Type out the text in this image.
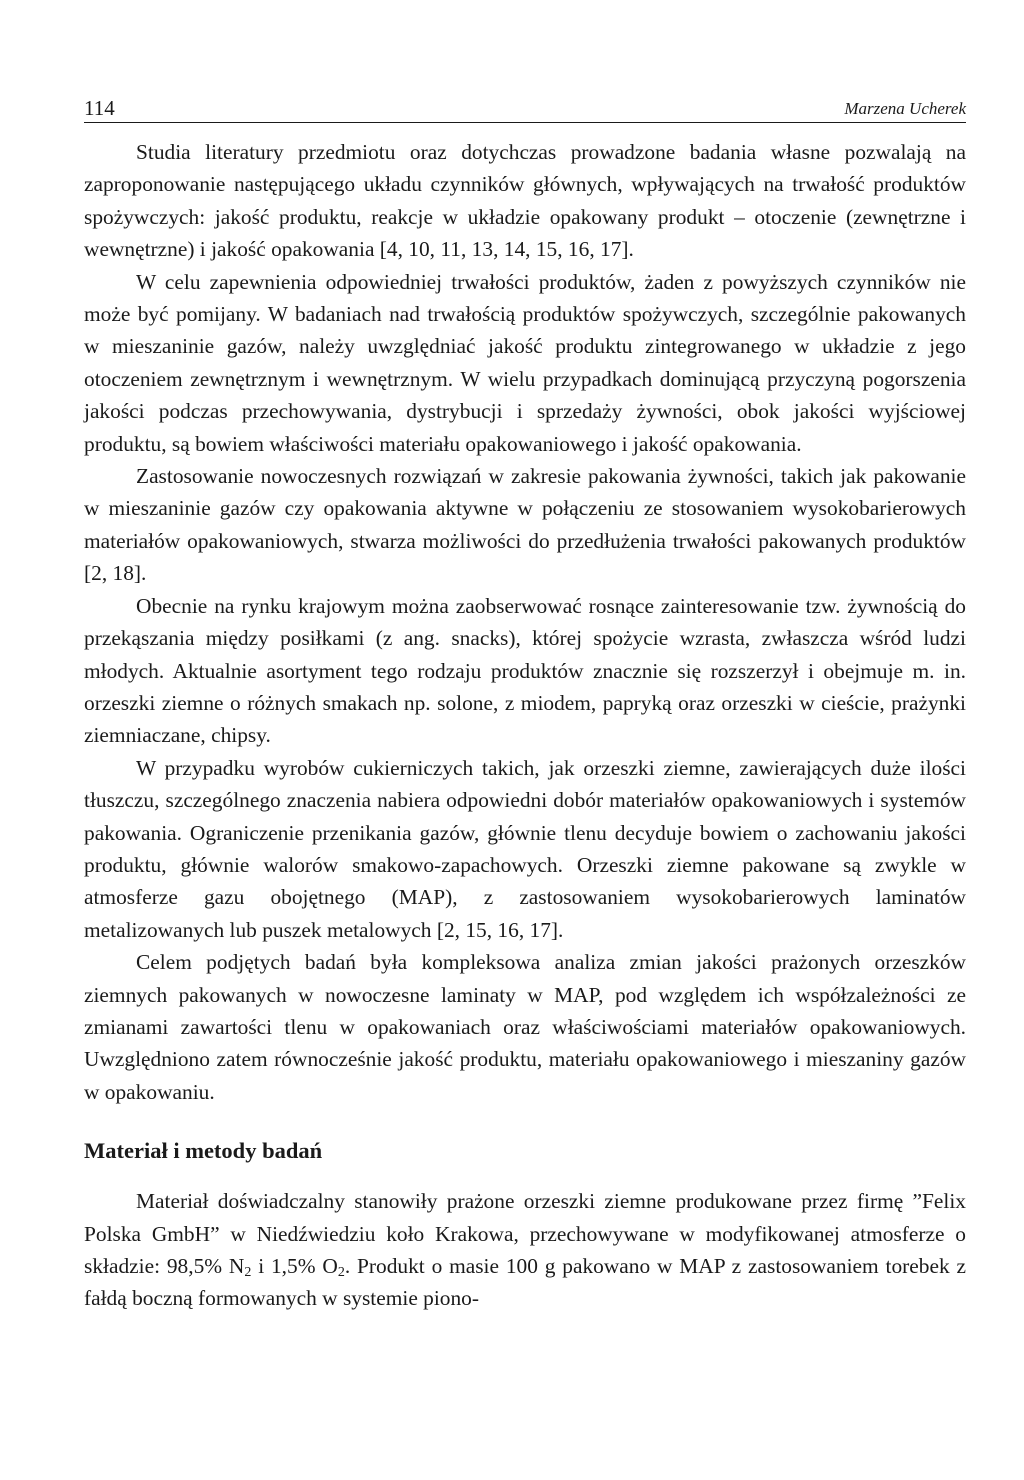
114	Marzena Ucherek

Studia literatury przedmiotu oraz dotychczas prowadzone badania własne pozwalają na zaproponowanie następującego układu czynników głównych, wpływających na trwałość produktów spożywczych: jakość produktu, reakcje w układzie opakowany produkt – otoczenie (zewnętrzne i wewnętrzne) i jakość opakowania [4, 10, 11, 13, 14, 15, 16, 17].

W celu zapewnienia odpowiedniej trwałości produktów, żaden z powyższych czynników nie może być pomijany. W badaniach nad trwałością produktów spożywczych, szczególnie pakowanych w mieszaninie gazów, należy uwzględniać jakość produktu zintegrowanego w układzie z jego otoczeniem zewnętrznym i wewnętrznym. W wielu przypadkach dominującą przyczyną pogorszenia jakości podczas przechowywania, dystrybucji i sprzedaży żywności, obok jakości wyjściowej produktu, są bowiem właściwości materiału opakowaniowego i jakość opakowania.

Zastosowanie nowoczesnych rozwiązań w zakresie pakowania żywności, takich jak pakowanie w mieszaninie gazów czy opakowania aktywne w połączeniu ze stosowaniem wysokobarierowych materiałów opakowaniowych, stwarza możliwości do przedłużenia trwałości pakowanych produktów [2, 18].

Obecnie na rynku krajowym można zaobserwować rosnące zainteresowanie tzw. żywnością do przekąszania między posiłkami (z ang. snacks), której spożycie wzrasta, zwłaszcza wśród ludzi młodych. Aktualnie asortyment tego rodzaju produktów znacznie się rozszerzył i obejmuje m. in. orzeszki ziemne o różnych smakach np. solone, z miodem, papryką oraz orzeszki w cieście, prażynki ziemniaczane, chipsy.

W przypadku wyrobów cukierniczych takich, jak orzeszki ziemne, zawierających duże ilości tłuszczu, szczególnego znaczenia nabiera odpowiedni dobór materiałów opakowaniowych i systemów pakowania. Ograniczenie przenikania gazów, głównie tlenu decyduje bowiem o zachowaniu jakości produktu, głównie walorów smakowo-zapachowych. Orzeszki ziemne pakowane są zwykle w atmosferze gazu obojętnego (MAP), z zastosowaniem wysokobarierowych laminatów metalizowanych lub puszek metalowych [2, 15, 16, 17].

Celem podjętych badań była kompleksowa analiza zmian jakości prażonych orzeszków ziemnych pakowanych w nowoczesne laminaty w MAP, pod względem ich współzależności ze zmianami zawartości tlenu w opakowaniach oraz właściwościami materiałów opakowaniowych. Uwzględniono zatem równocześnie jakość produktu, materiału opakowaniowego i mieszaniny gazów w opakowaniu.

Materiał i metody badań

Materiał doświadczalny stanowiły prażone orzeszki ziemne produkowane przez firmę ”Felix Polska GmbH” w Niedźwiedziu koło Krakowa, przechowywane w modyfikowanej atmosferze o składzie: 98,5% $N_2$ i 1,5% $O_2$. Produkt o masie 100 g pakowano w MAP z zastosowaniem torebek z fałdą boczną formowanych w systemie piono-
